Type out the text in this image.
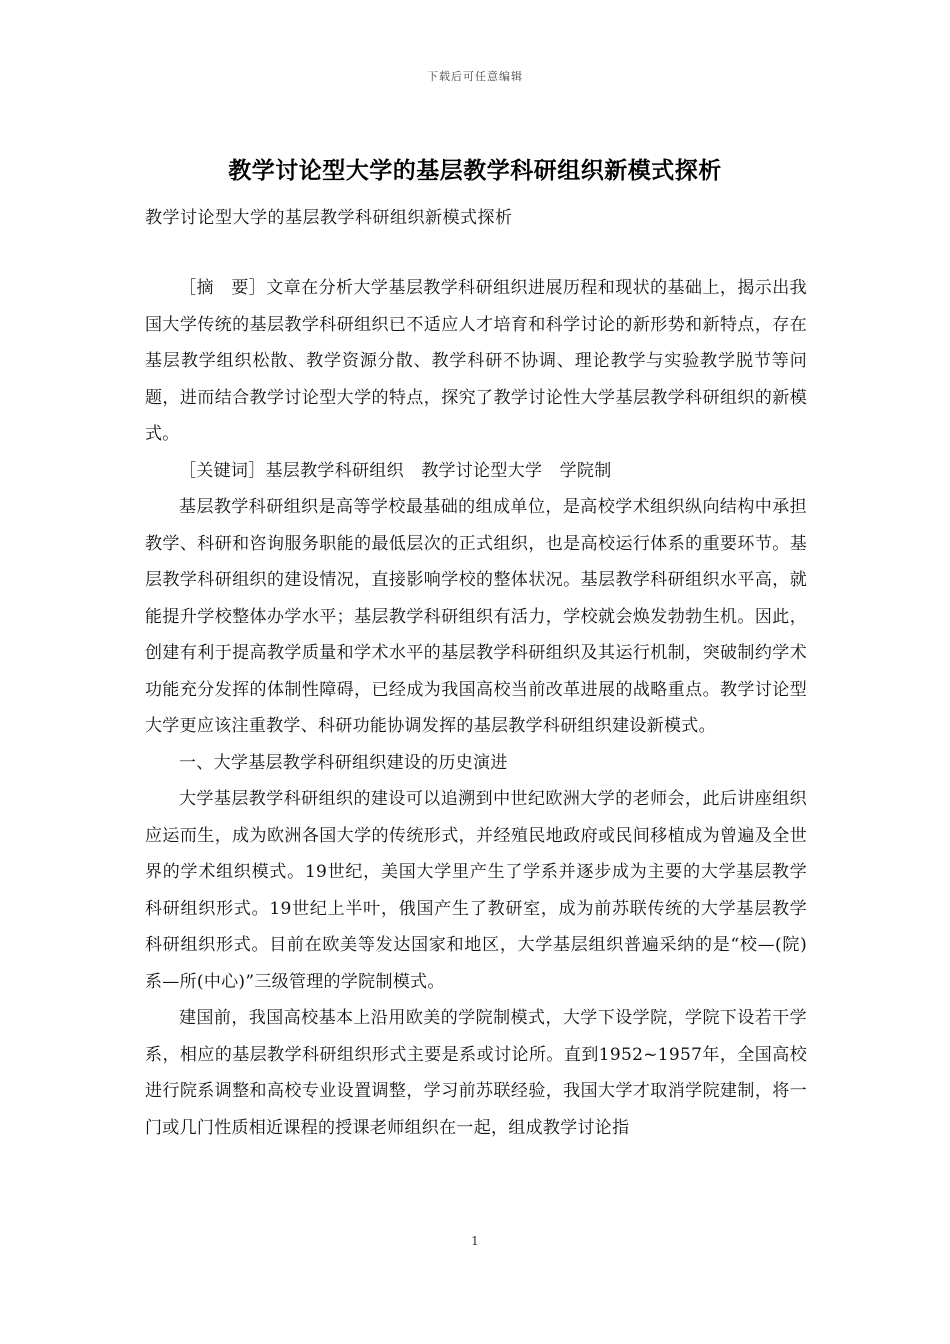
下载后可任意编辑
教学讨论型大学的基层教学科研组织新模式探析
教学讨论型大学的基层教学科研组织新模式探析

［摘　要］文章在分析大学基层教学科研组织进展历程和现状的基础上，揭示出我国大学传统的基层教学科研组织已不适应人才培育和科学讨论的新形势和新特点，存在基层教学组织松散、教学资源分散、教学科研不协调、理论教学与实验教学脱节等问题，进而结合教学讨论型大学的特点，探究了教学讨论性大学基层教学科研组织的新模式。

［关键词］基层教学科研组织　教学讨论型大学　学院制

基层教学科研组织是高等学校最基础的组成单位，是高校学术组织纵向结构中承担教学、科研和咨询服务职能的最低层次的正式组织，也是高校运行体系的重要环节。基层教学科研组织的建设情况，直接影响学校的整体状况。基层教学科研组织水平高，就能提升学校整体办学水平；基层教学科研组织有活力，学校就会焕发勃勃生机。因此，创建有利于提高教学质量和学术水平的基层教学科研组织及其运行机制，突破制约学术功能充分发挥的体制性障碍，已经成为我国高校当前改革进展的战略重点。教学讨论型大学更应该注重教学、科研功能协调发挥的基层教学科研组织建设新模式。

一、大学基层教学科研组织建设的历史演进

大学基层教学科研组织的建设可以追溯到中世纪欧洲大学的老师会，此后讲座组织应运而生，成为欧洲各国大学的传统形式，并经殖民地政府或民间移植成为曾遍及全世界的学术组织模式。19世纪，美国大学里产生了学系并逐步成为主要的大学基层教学科研组织形式。19世纪上半叶，俄国产生了教研室，成为前苏联传统的大学基层教学科研组织形式。目前在欧美等发达国家和地区，大学基层组织普遍采纳的是“校—(院)系—所(中心)”三级管理的学院制模式。

建国前，我国高校基本上沿用欧美的学院制模式，大学下设学院，学院下设若干学系，相应的基层教学科研组织形式主要是系或讨论所。直到1952~1957年，全国高校进行院系调整和高校专业设置调整，学习前苏联经验，我国大学才取消学院建制，将一门或几门性质相近课程的授课老师组织在一起，组成教学讨论指

1
